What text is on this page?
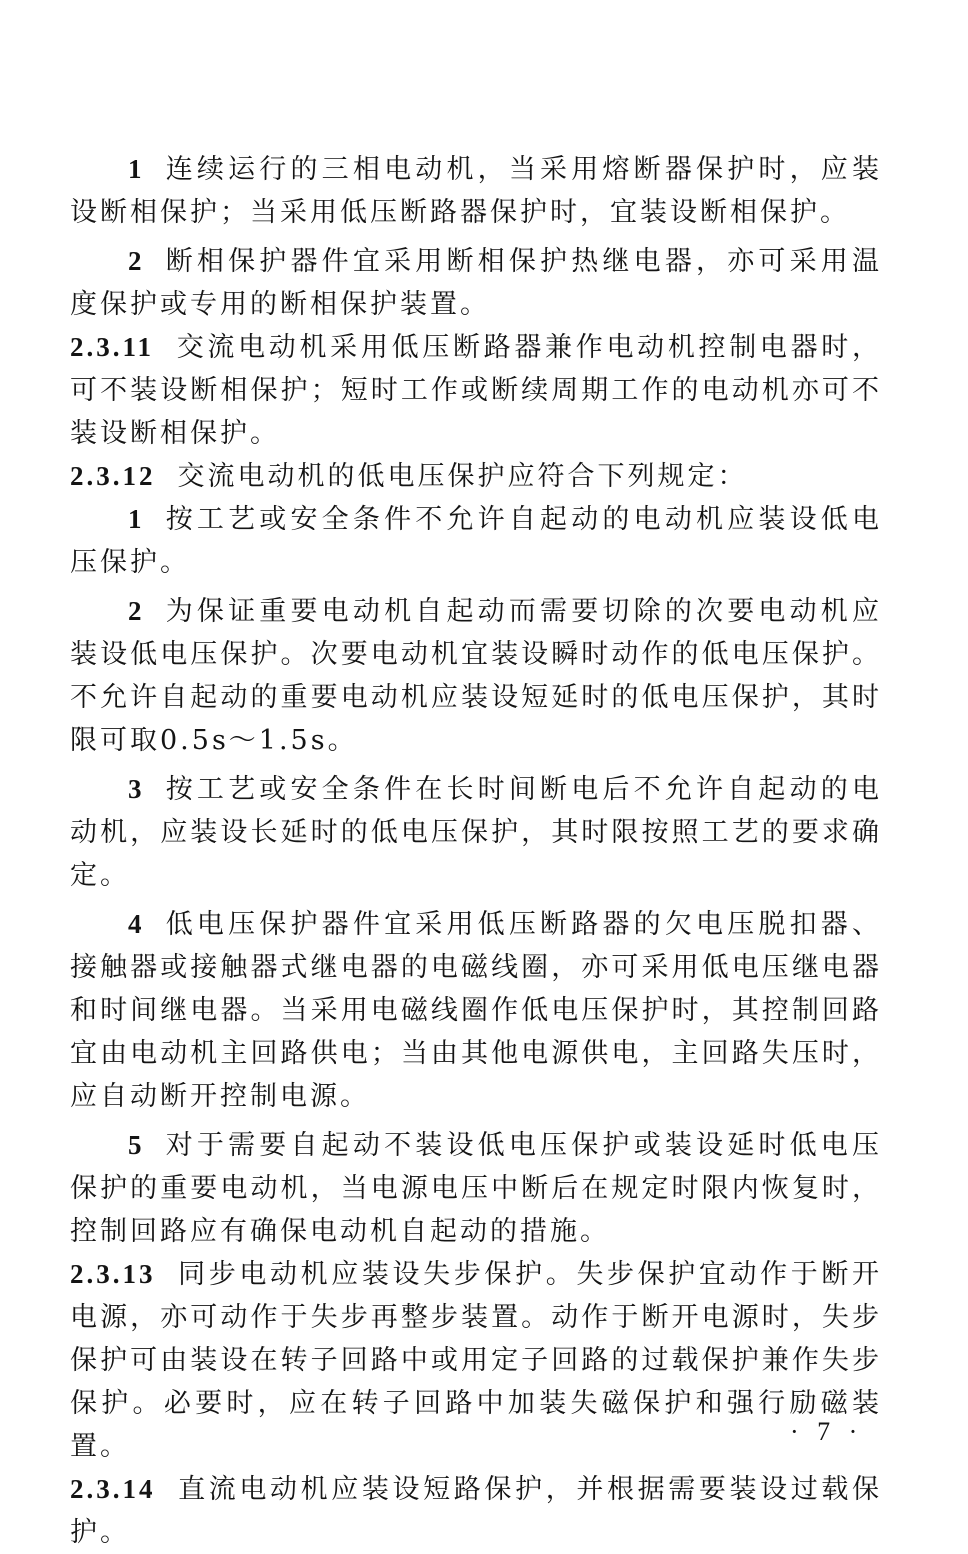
1 连续运行的三相电动机，当采用熔断器保护时，应装设断相保护；当采用低压断路器保护时，宜装设断相保护。

2 断相保护器件宜采用断相保护热继电器，亦可采用温度保护或专用的断相保护装置。

2.3.11 交流电动机采用低压断路器兼作电动机控制电器时，可不装设断相保护；短时工作或断续周期工作的电动机亦可不装设断相保护。

2.3.12 交流电动机的低电压保护应符合下列规定：

1 按工艺或安全条件不允许自起动的电动机应装设低电压保护。

2 为保证重要电动机自起动而需要切除的次要电动机应装设低电压保护。次要电动机宜装设瞬时动作的低电压保护。不允许自起动的重要电动机应装设短延时的低电压保护，其时限可取0.5s～1.5s。

3 按工艺或安全条件在长时间断电后不允许自起动的电动机，应装设长延时的低电压保护，其时限按照工艺的要求确定。

4 低电压保护器件宜采用低压断路器的欠电压脱扣器、接触器或接触器式继电器的电磁线圈，亦可采用低电压继电器和时间继电器。当采用电磁线圈作低电压保护时，其控制回路宜由电动机主回路供电；当由其他电源供电，主回路失压时，应自动断开控制电源。

5 对于需要自起动不装设低电压保护或装设延时低电压保护的重要电动机，当电源电压中断后在规定时限内恢复时，控制回路应有确保电动机自起动的措施。

2.3.13 同步电动机应装设失步保护。失步保护宜动作于断开电源，亦可动作于失步再整步装置。动作于断开电源时，失步保护可由装设在转子回路中或用定子回路的过载保护兼作失步保护。必要时，应在转子回路中加装失磁保护和强行励磁装置。

2.3.14 直流电动机应装设短路保护，并根据需要装设过载保护。

· 7 ·
